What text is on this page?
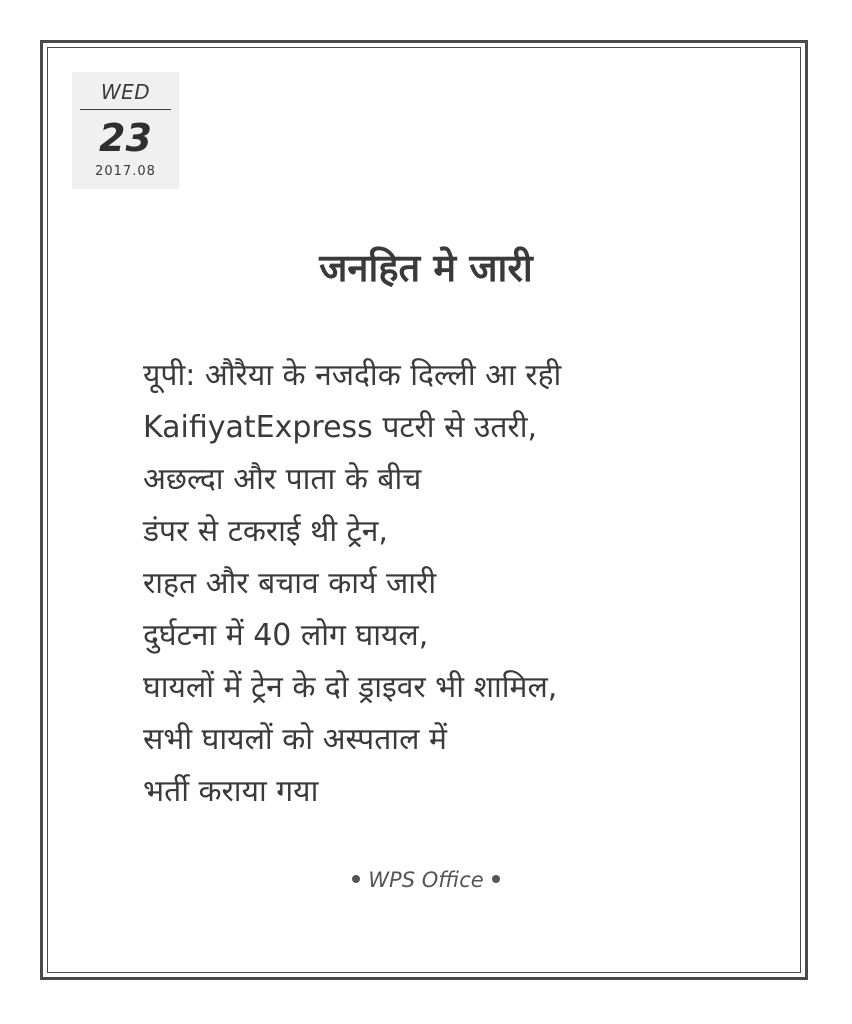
WED
23
2017.08
जनहित मे जारी
यूपी: औरैया के नजदीक दिल्ली आ रही
KaifiyatExpress पटरी से उतरी,
अछल्दा और पाता के बीच
डंपर से टकराई थी ट्रेन,
राहत और बचाव कार्य जारी
दुर्घटना में 40 लोग घायल,
घायलों में ट्रेन के दो ड्राइवर भी शामिल,
सभी घायलों को अस्पताल में
भर्ती कराया गया
WPS Office
